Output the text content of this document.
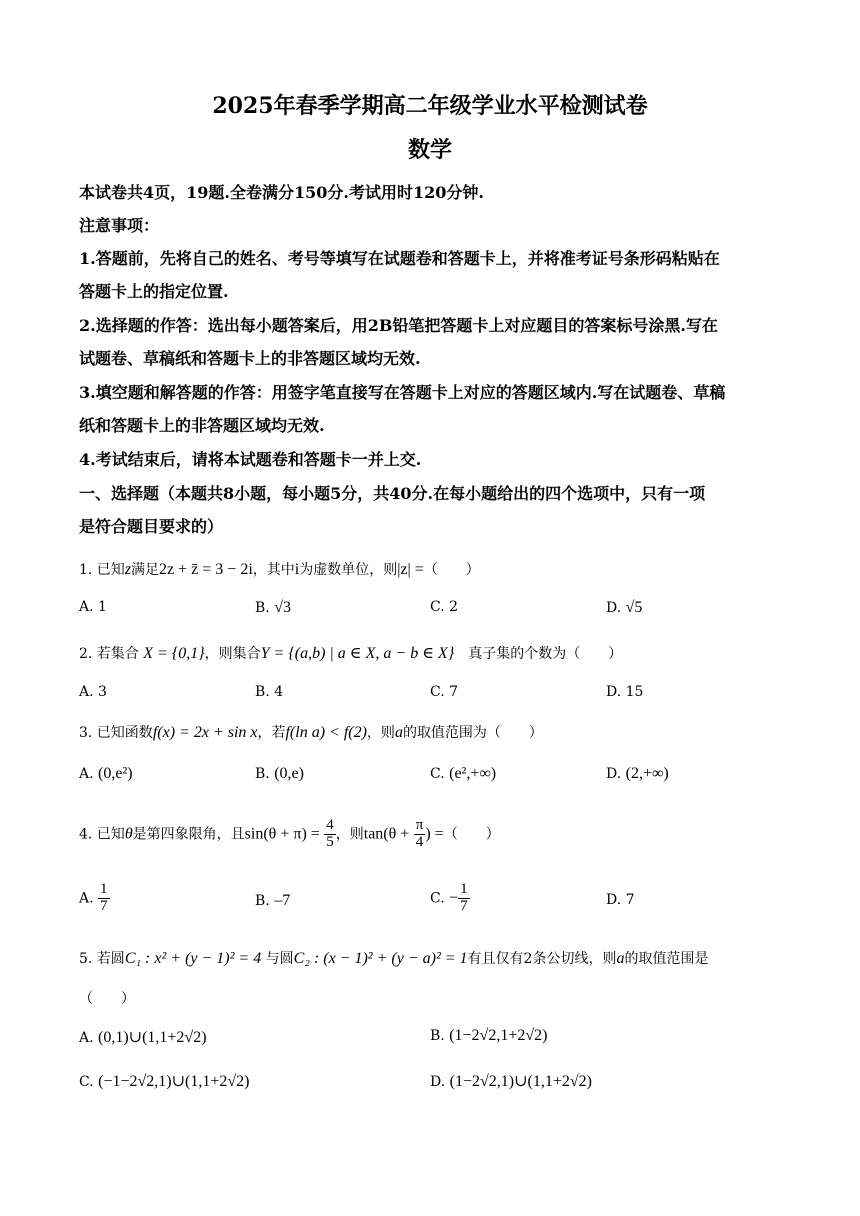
2025年春季学期高二年级学业水平检测试卷
数学
本试卷共4页，19题.全卷满分150分.考试用时120分钟.
注意事项：
1.答题前，先将自己的姓名、考号等填写在试题卷和答题卡上，并将准考证号条形码粘贴在
答题卡上的指定位置.
2.选择题的作答：选出每小题答案后，用2B铅笔把答题卡上对应题目的答案标号涂黑.写在
试题卷、草稿纸和答题卡上的非答题区域均无效.
3.填空题和解答题的作答：用签字笔直接写在答题卡上对应的答题区域内.写在试题卷、草稿
纸和答题卡上的非答题区域均无效.
4.考试结束后，请将本试题卷和答题卡一并上交.
一、选择题（本题共8小题，每小题5分，共40分.在每小题给出的四个选项中，只有一项
是符合题目要求的）
1. 已知z满足2z + z̄ = 3 − 2i，其中i为虚数单位，则|z| =（　　）
A. 1	B. √3	C. 2	D. √5
2. 若集合 X = {0,1}，则集合Y = {(a,b) | a ∈ X, a − b ∈ X}　 真子集的个数为（　　）
A. 3	B. 4	C. 7	D. 15
3. 已知函数f(x) = 2x + sin x，若f(ln a) < f(2)，则a的取值范围为（　　）
A. (0,e²)	B. (0,e)	C. (e²,+∞)	D. (2,+∞)
4. 已知θ是第四象限角，且$\sin(\theta + \pi) = \frac{4}{5}$ ，则$\tan(\theta + \frac{\pi}{4}$ ) =（　　）
A. $\frac{1}{7}$	B. –7	C. − $\frac{1}{7}$	D. 7
5. 若圆C₁ : x² + (y − 1)² = 4 与圆C₂ : (x − 1)² + (y − a)² = 1有且仅有2条公切线，则a的取值范围是
（　　）
A. (0,1)∪(1,1+2√2)	B. (1−2√2,1+2√2)
C. (−1−2√2,1)∪(1,1+2√2)	D. (1−2√2,1)∪(1,1+2√2)
